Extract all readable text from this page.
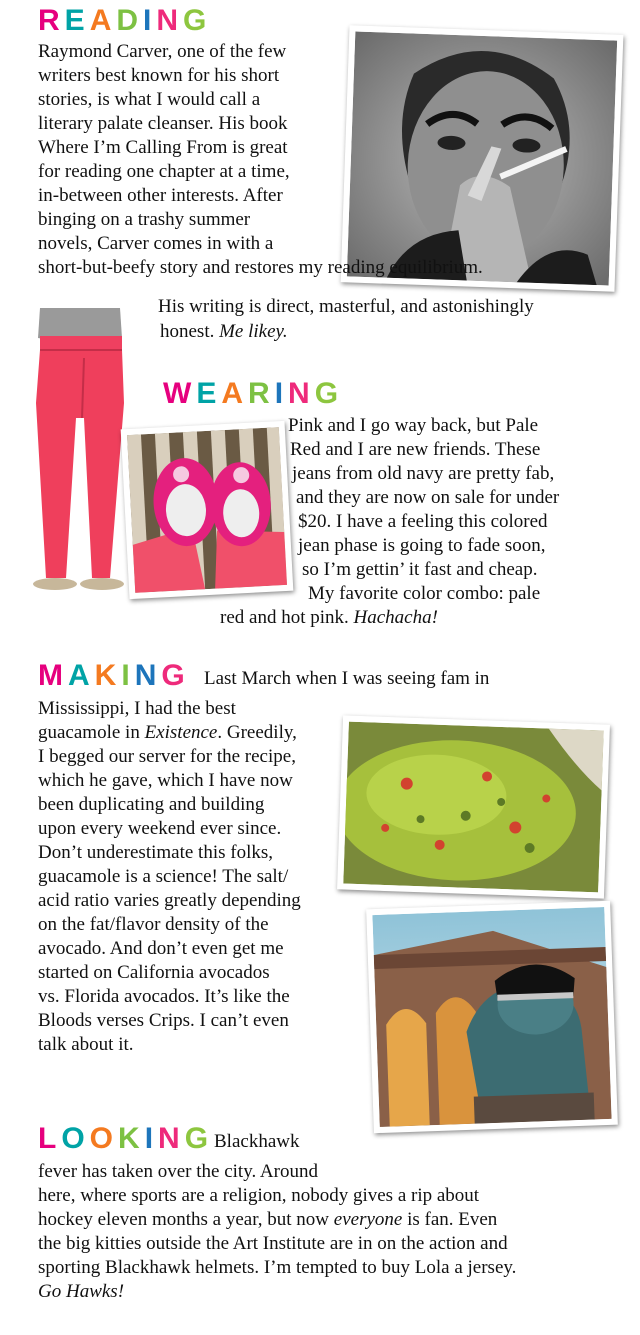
READING
Raymond Carver, one of the few
writers best known for his short
stories, is what I would call a
literary palate cleanser. His book
Where I’m Calling From is great
for reading one chapter at a time,
in-between other interests. After
binging on a trashy summer
novels, Carver comes in with a
short-but-beefy story and restores my reading equilibrium.
His writing is direct, masterful, and astonishingly
honest. Me likey.
WEARING
Pink and I go way back, but Pale
Red and I are new friends. These
jeans from old navy are pretty fab,
and they are now on sale for under
$20. I have a feeling this colored
jean phase is going to fade soon,
so I’m gettin’ it fast and cheap.
My favorite color combo: pale
red and hot pink. Hachacha!
MAKING Last March when I was seeing fam in
Mississippi, I had the best
guacamole in Existence. Greedily,
I begged our server for the recipe,
which he gave, which I have now
been duplicating and building
upon every weekend ever since.
Don’t underestimate this folks,
guacamole is a science! The salt/
acid ratio varies greatly depending
on the fat/flavor density of the
avocado. And don’t even get me
started on California avocados
vs. Florida avocados. It’s like the
Bloods verses Crips. I can’t even
talk about it.
LOOKING Blackhawk
fever has taken over the city. Around
here, where sports are a religion, nobody gives a rip about
hockey eleven months a year, but now everyone is fan. Even
the big kitties outside the Art Institute are in on the action and
sporting Blackhawk helmets. I’m tempted to buy Lola a jersey.
Go Hawks!
